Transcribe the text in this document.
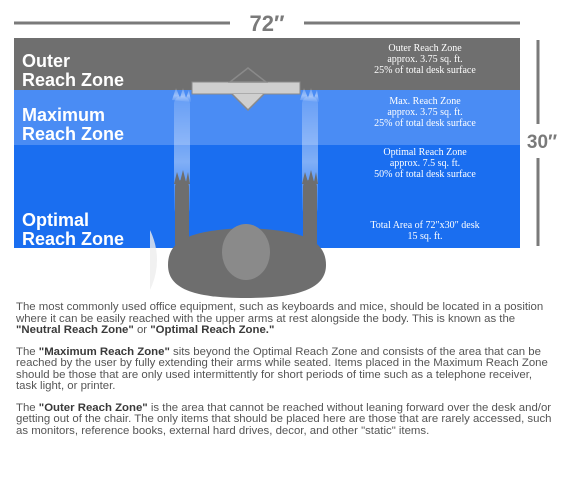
72″
30″
Outer
Reach Zone
Outer Reach Zone
approx. 3.75 sq. ft.
25% of total desk surface
Maximum
Reach Zone
Max. Reach Zone
approx. 3.75 sq. ft.
25% of total desk surface
Optimal
Reach Zone
Optimal Reach Zone
approx. 7.5 sq. ft.
50% of total desk surface
Total Area of 72″x30″ desk
15 sq. ft.

The most commonly used office equipment, such as keyboards and mice, should be located in a position where it can be easily reached with the upper arms at rest alongside the body. This is known as the "Neutral Reach Zone" or "Optimal Reach Zone."

The "Maximum Reach Zone" sits beyond the Optimal Reach Zone and consists of the area that can be reached by the user by fully extending their arms while seated. Items placed in the Maximum Reach Zone should be those that are only used intermittently for short periods of time such as a telephone receiver, task light, or printer.

The "Outer Reach Zone" is the area that cannot be reached without leaning forward over the desk and/or getting out of the chair. The only items that should be placed here are those that are rarely accessed, such as monitors, reference books, external hard drives, decor, and other "static" items.
